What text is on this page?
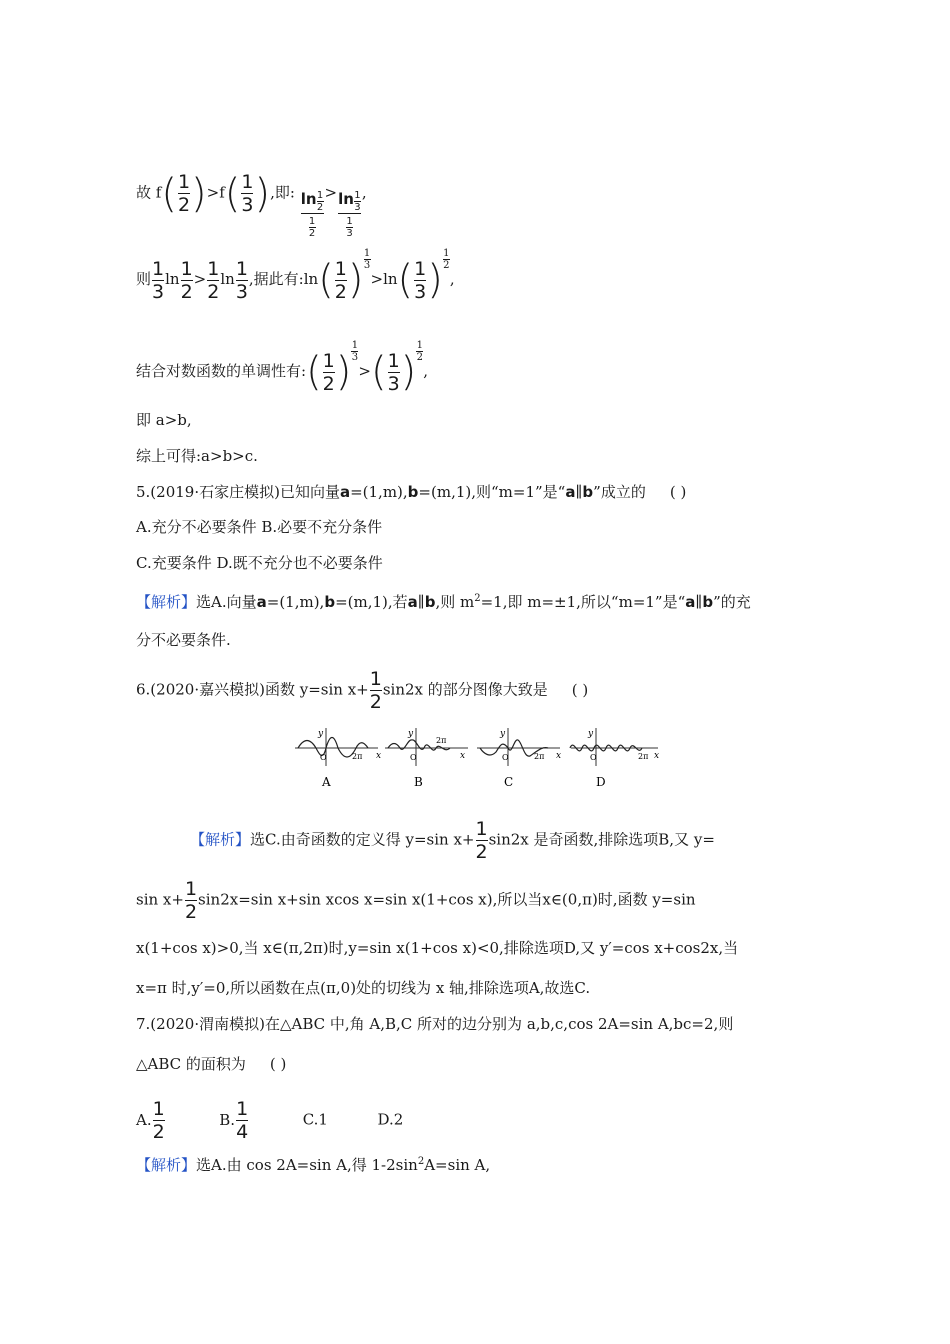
故 $f( \frac{1}{2} )>f( \frac{1}{3}$ ),即: $\frac{\ln \frac{1}{2}}{\frac{1}{2}} > \frac{\ln \frac{1}{3}}{\frac{1}{3}}$ ,
则 $\frac{1}{3}$ $\ln \frac{1}{2} > \frac{1}{2}$ $\ln \frac{1}{3}$ ,据此有:ln( $\frac{1}{2}$ ) $\frac{1}{3}$
$>\ln( \frac{1}{3}$ ) $\frac{1}{2}$
,
结合对数函数的单调性有:( $\frac{1}{2}$ ) $\frac{1}{3}$
>( $\frac{1}{3}$ ) $\frac{1}{2}$
,
即 a>b,
综上可得:a>b>c.
5.(2019·石家庄模拟)已知向量a=(1,m),b=(m,1),则“m=1”是“a∥b”成立的 ( )
A.充分不必要条件 B.必要不充分条件
C.充要条件 D.既不充分也不必要条件
【解析】选A.向量a=(1,m),b=(m,1),若a∥b,则 $m^2=1$,即 m=±1,所以“m=1”是“a∥b”的充
分不必要条件.
6.(2020·嘉兴模拟)函数 y=sin $x+ \frac{1}{2} \sin 2x$ 的部分图像大致是 ( )
y
x
O	2π
A
y
x
O
2π
B
y
x
O	2π
C
y
x
O	2π
D
【解析】选C.由奇函数的定义得 y=sin $x+ \frac{1}{2} \sin 2x$ 是奇函数,排除选项B,又 y=
$\sin x+ \frac{1}{2} \sin 2x=\sin$ x+sin xcos x=sin x(1+cos x),所以当x∈(0,π)时,函数 y=sin
x(1+cos x)>0,当 x∈(π,2π)时,y=sin x(1+cos x)<0,排除选项D,又 y′=cos x+cos2x,当
x=π 时,y′=0,所以函数在点(π,0)处的切线为 x 轴,排除选项A,故选C.
7.(2020·渭南模拟)在△ABC 中,角 A,B,C 所对的边分别为 a,b,c,cos 2A=sin A,bc=2,则
△ABC 的面积为 ( )
A. $\frac{1}{2}$	B. $\frac{1}{4}$	C.1	D.2
【解析】选A.由 cos 2A=sin A,得 $1-2\sin^2A=\sin$ A,
